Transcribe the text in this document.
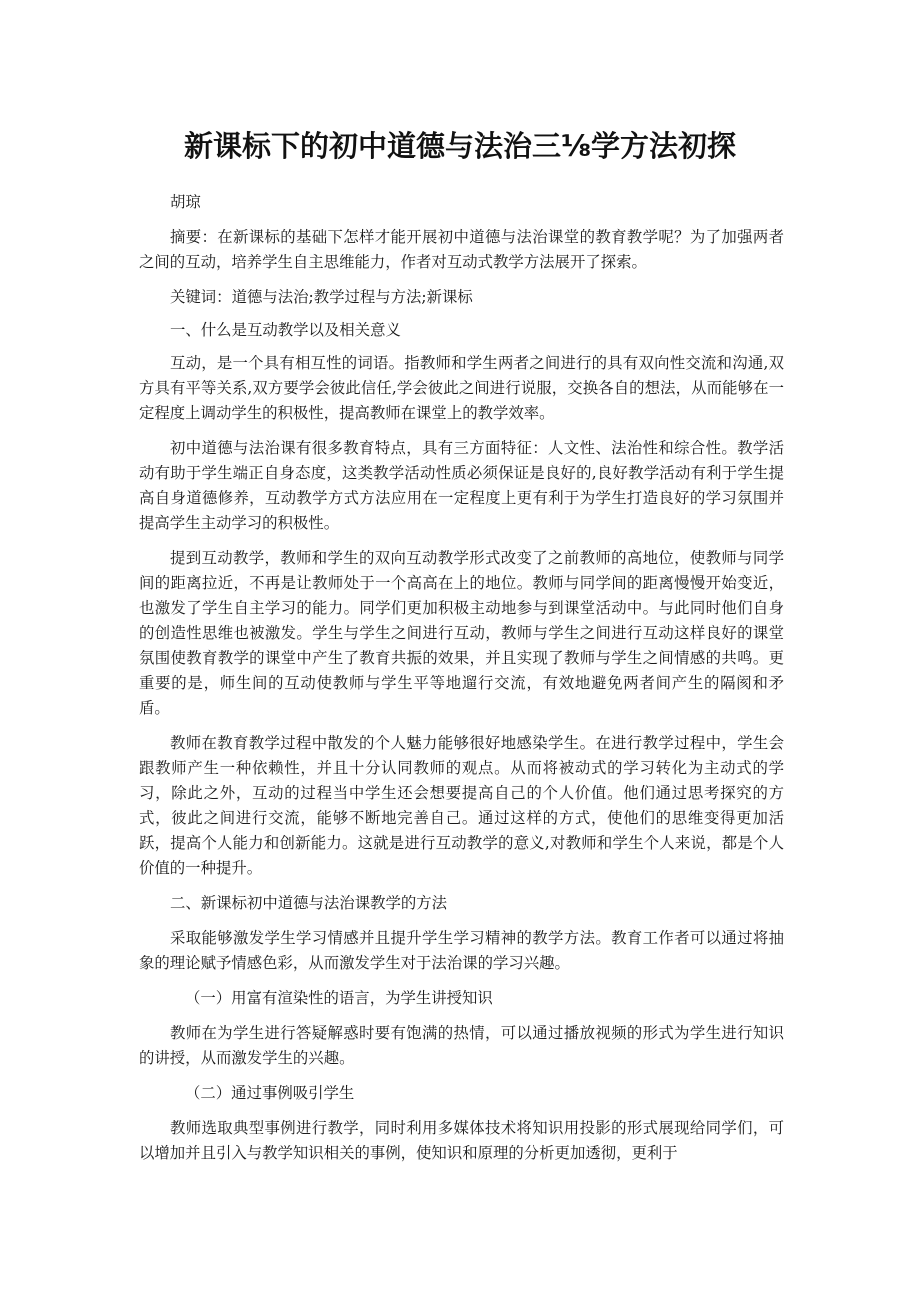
新课标下的初中道德与法治三⅛学方法初探

胡琼

摘要：在新课标的基础下怎样才能开展初中道德与法治课堂的教育教学呢？为了加强两者之间的互动，培养学生自主思维能力，作者对互动式教学方法展开了探索。

关键词：道德与法治;教学过程与方法;新课标

一、什么是互动教学以及相关意义

互动，是一个具有相互性的词语。指教师和学生两者之间进行的具有双向性交流和沟通,双方具有平等关系,双方要学会彼此信任,学会彼此之间进行说服，交换各自的想法，从而能够在一定程度上调动学生的积极性，提高教师在课堂上的教学效率。

初中道德与法治课有很多教育特点，具有三方面特征：人文性、法治性和综合性。教学活动有助于学生端正自身态度，这类教学活动性质必须保证是良好的,良好教学活动有利于学生提高自身道德修养，互动教学方式方法应用在一定程度上更有利于为学生打造良好的学习氛围并提高学生主动学习的积极性。

提到互动教学，教师和学生的双向互动教学形式改变了之前教师的高地位，使教师与同学间的距离拉近，不再是让教师处于一个高高在上的地位。教师与同学间的距离慢慢开始变近，也激发了学生自主学习的能力。同学们更加积极主动地参与到课堂活动中。与此同时他们自身的创造性思维也被激发。学生与学生之间进行互动，教师与学生之间进行互动这样良好的课堂氛围使教育教学的课堂中产生了教育共振的效果，并且实现了教师与学生之间情感的共鸣。更重要的是，师生间的互动使教师与学生平等地遛行交流，有效地避免两者间产生的隔阂和矛盾。

教师在教育教学过程中散发的个人魅力能够很好地感染学生。在进行教学过程中，学生会跟教师产生一种依赖性，并且十分认同教师的观点。从而将被动式的学习转化为主动式的学习，除此之外，互动的过程当中学生还会想要提高自己的个人价值。他们通过思考探究的方式，彼此之间进行交流，能够不断地完善自己。通过这样的方式，使他们的思维变得更加活跃，提高个人能力和创新能力。这就是进行互动教学的意义,对教师和学生个人来说，都是个人价值的一种提升。

二、新课标初中道德与法治课教学的方法

采取能够激发学生学习情感并且提升学生学习精神的教学方法。教育工作者可以通过将抽象的理论赋予情感色彩，从而激发学生对于法治课的学习兴趣。

（一）用富有渲染性的语言，为学生讲授知识

教师在为学生进行答疑解惑时要有饱满的热情，可以通过播放视频的形式为学生进行知识的讲授，从而激发学生的兴趣。

（二）通过事例吸引学生

教师选取典型事例进行教学，同时利用多媒体技术将知识用投影的形式展现给同学们，可以增加并且引入与教学知识相关的事例，使知识和原理的分析更加透彻，更利于
